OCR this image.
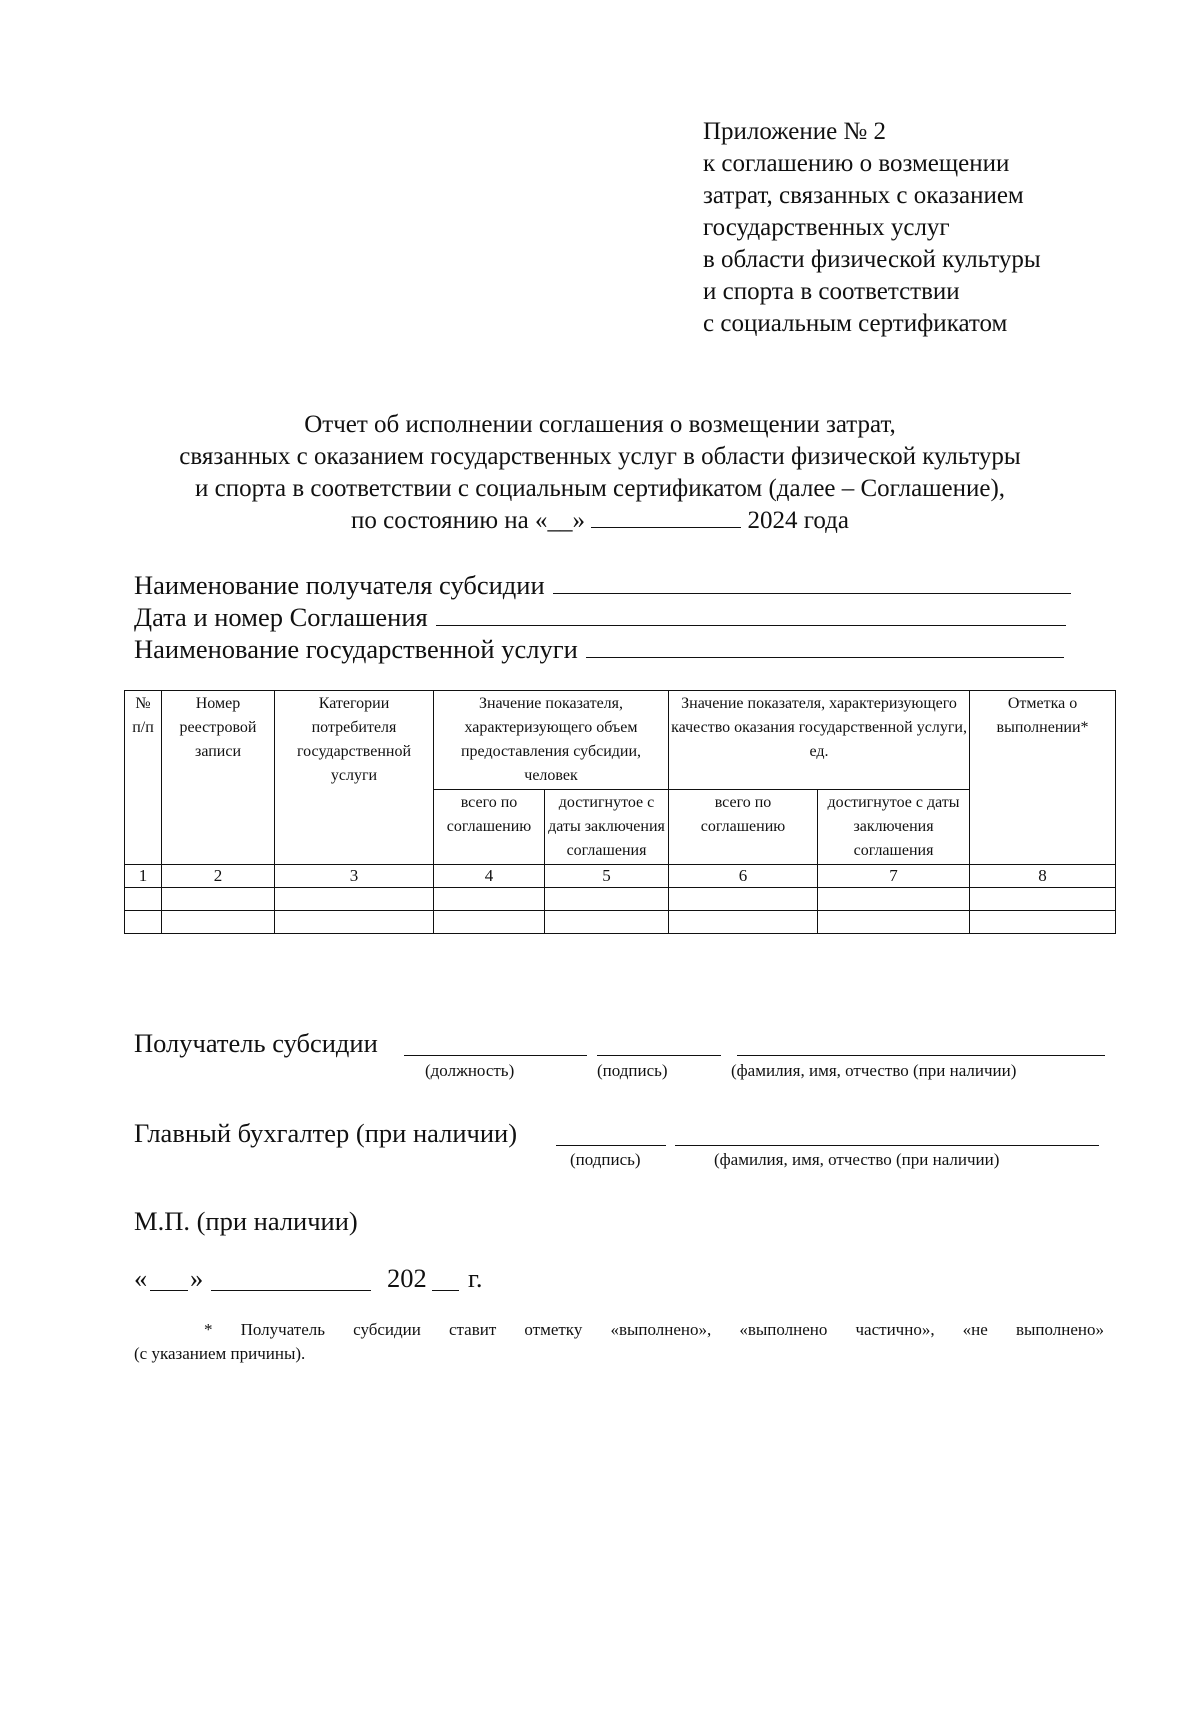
Приложение № 2
к соглашению о возмещении
затрат, связанных с оказанием
государственных услуг
в области физической культуры
и спорта в соответствии
с социальным сертификатом
Отчет об исполнении соглашения о возмещении затрат,
связанных с оказанием государственных услуг в области физической культуры
и спорта в соответствии с социальным сертификатом (далее – Соглашение),
по состоянию на «__»	2024 года
Наименование получателя субсидии
Дата и номер Соглашения
Наименование государственной услуги
№ п/п	Номер реестровой записи	Категории потребителя государственной услуги	Значение показателя, характеризующего объем предоставления субсидии, человек		Значение показателя, характеризующего качество оказания государственной услуги, ед.		Отметка о выполнении*
			всего по соглашению	достигнутое с даты заключения соглашения	всего по соглашению	достигнутое с даты заключения соглашения	
1	2	3	4	5	6	7	8

Получатель субсидии
(должность)	(подпись)	(фамилия, имя, отчество (при наличии)
Главный бухгалтер (при наличии)
(подпись)	(фамилия, имя, отчество (при наличии)
М.П. (при наличии)
« »	202 г.
* Получатель субсидии ставит отметку «выполнено», «выполнено частично», «не выполнено»
(с указанием причины).
